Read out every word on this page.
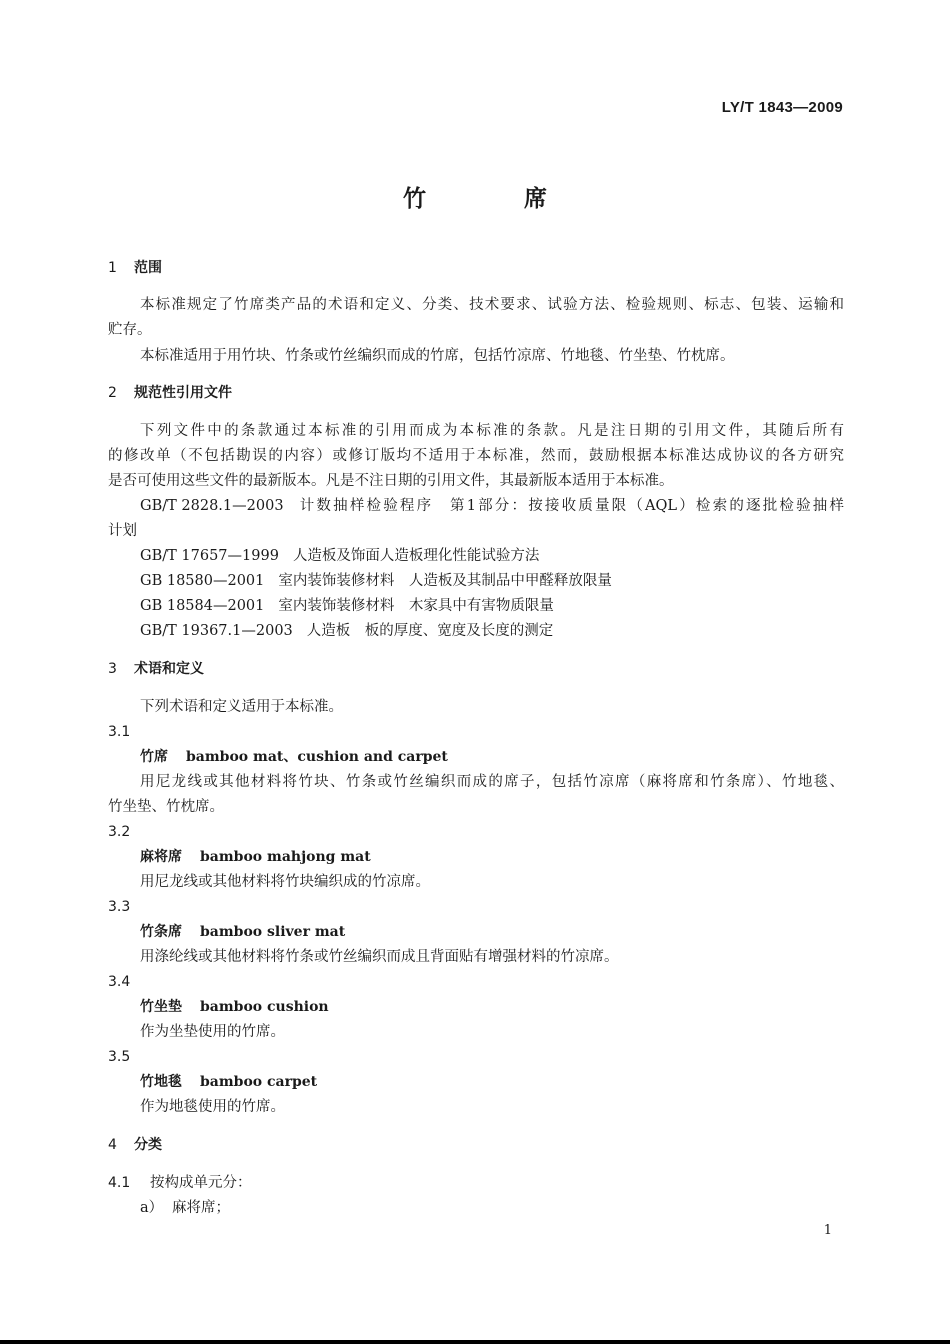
LY/T 1843—2009
竹	席
1 范围
本标准规定了竹席类产品的术语和定义、分类、技术要求、试验方法、检验规则、标志、包装、运输和
贮存。
本标准适用于用竹块、竹条或竹丝编织而成的竹席，包括竹凉席、竹地毯、竹坐垫、竹枕席。
2 规范性引用文件
下列文件中的条款通过本标准的引用而成为本标准的条款。凡是注日期的引用文件，其随后所有
的修改单（不包括勘误的内容）或修订版均不适用于本标准，然而，鼓励根据本标准达成协议的各方研究
是否可使用这些文件的最新版本。凡是不注日期的引用文件，其最新版本适用于本标准。
GB/T 2828.1—2003 计数抽样检验程序　第1部分：按接收质量限（AQL）检索的逐批检验抽样
计划
GB/T 17657—1999 人造板及饰面人造板理化性能试验方法
GB 18580—2001 室内装饰装修材料　人造板及其制品中甲醛释放限量
GB 18584—2001 室内装饰装修材料　木家具中有害物质限量
GB/T 19367.1—2003 人造板　板的厚度、宽度及长度的测定
3 术语和定义
下列术语和定义适用于本标准。
3.1
竹席 bamboo mat、cushion and carpet
用尼龙线或其他材料将竹块、竹条或竹丝编织而成的席子，包括竹凉席（麻将席和竹条席）、竹地毯、
竹坐垫、竹枕席。
3.2
麻将席 bamboo mahjong mat
用尼龙线或其他材料将竹块编织成的竹凉席。
3.3
竹条席 bamboo sliver mat
用涤纶线或其他材料将竹条或竹丝编织而成且背面贴有增强材料的竹凉席。
3.4
竹坐垫 bamboo cushion
作为坐垫使用的竹席。
3.5
竹地毯 bamboo carpet
作为地毯使用的竹席。
4 分类
4.1 按构成单元分：
a） 麻将席；
1
